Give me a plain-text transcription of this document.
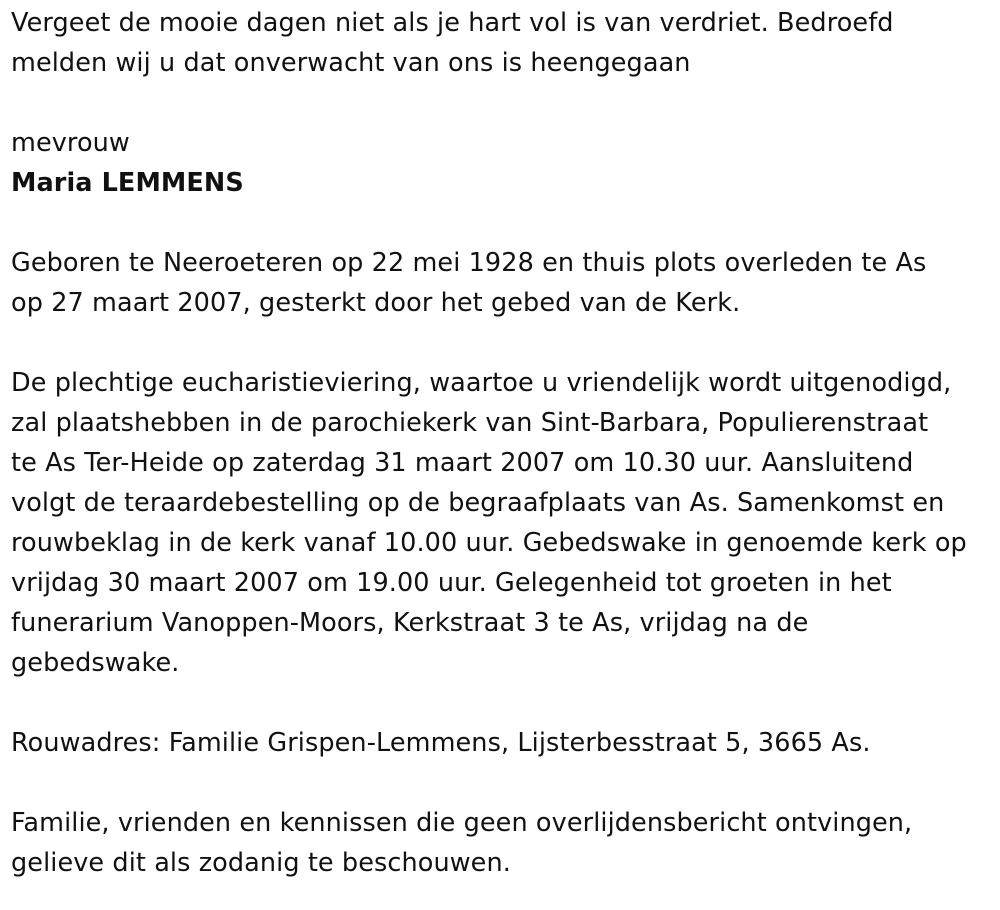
Vergeet de mooie dagen niet als je hart vol is van verdriet. Bedroefd
melden wij u dat onverwacht van ons is heengegaan

mevrouw
Maria LEMMENS

Geboren te Neeroeteren op 22 mei 1928 en thuis plots overleden te As
op 27 maart 2007, gesterkt door het gebed van de Kerk.

De plechtige eucharistieviering, waartoe u vriendelijk wordt uitgenodigd,
zal plaatshebben in de parochiekerk van Sint-Barbara, Populierenstraat
te As Ter-Heide op zaterdag 31 maart 2007 om 10.30 uur. Aansluitend
volgt de teraardebestelling op de begraafplaats van As. Samenkomst en
rouwbeklag in de kerk vanaf 10.00 uur. Gebedswake in genoemde kerk op
vrijdag 30 maart 2007 om 19.00 uur. Gelegenheid tot groeten in het
funerarium Vanoppen-Moors, Kerkstraat 3 te As, vrijdag na de
gebedswake.

Rouwadres: Familie Grispen-Lemmens, Lijsterbesstraat 5, 3665 As.

Familie, vrienden en kennissen die geen overlijdensbericht ontvingen,
gelieve dit als zodanig te beschouwen.
